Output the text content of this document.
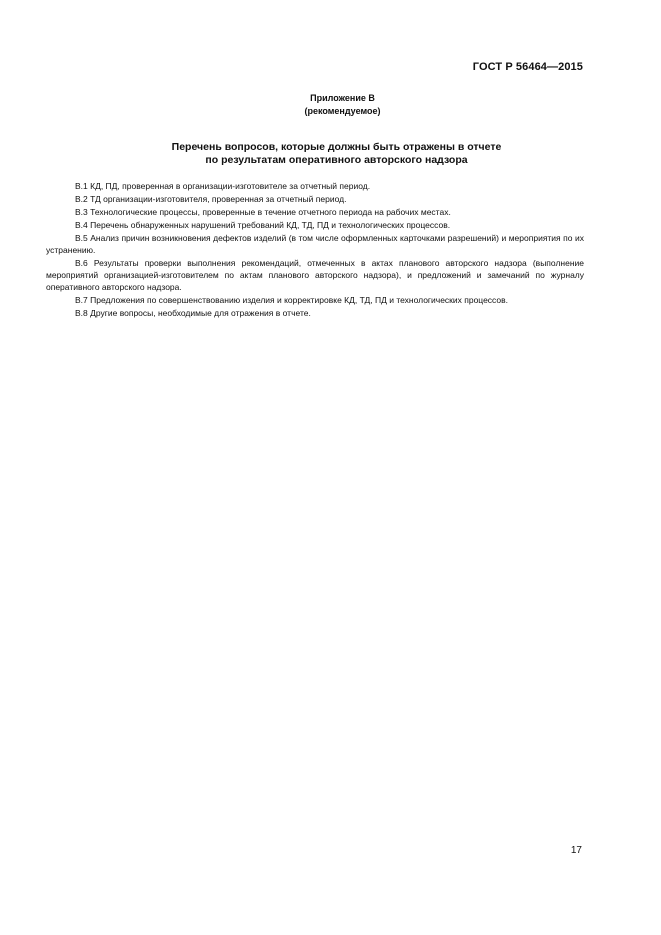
ГОСТ Р 56464—2015
Приложение В
(рекомендуемое)
Перечень вопросов, которые должны быть отражены в отчете
по результатам оперативного авторского надзора

В.1 КД, ПД, проверенная в организации-изготовителе за отчетный период.

В.2 ТД организации-изготовителя, проверенная за отчетный период.

В.3 Технологические процессы, проверенные в течение отчетного периода на рабочих местах.

В.4 Перечень обнаруженных нарушений требований КД, ТД, ПД и технологических процессов.

В.5 Анализ причин возникновения дефектов изделий (в том числе оформленных карточками разрешений) и мероприятия по их устранению.

В.6 Результаты проверки выполнения рекомендаций, отмеченных в актах планового авторского надзора (выполнение мероприятий организацией-изготовителем по актам планового авторского надзора), и предложений и замечаний по журналу оперативного авторского надзора.

В.7 Предложения по совершенствованию изделия и корректировке КД, ТД, ПД и технологических процессов.

В.8 Другие вопросы, необходимые для отражения в отчете.

17
